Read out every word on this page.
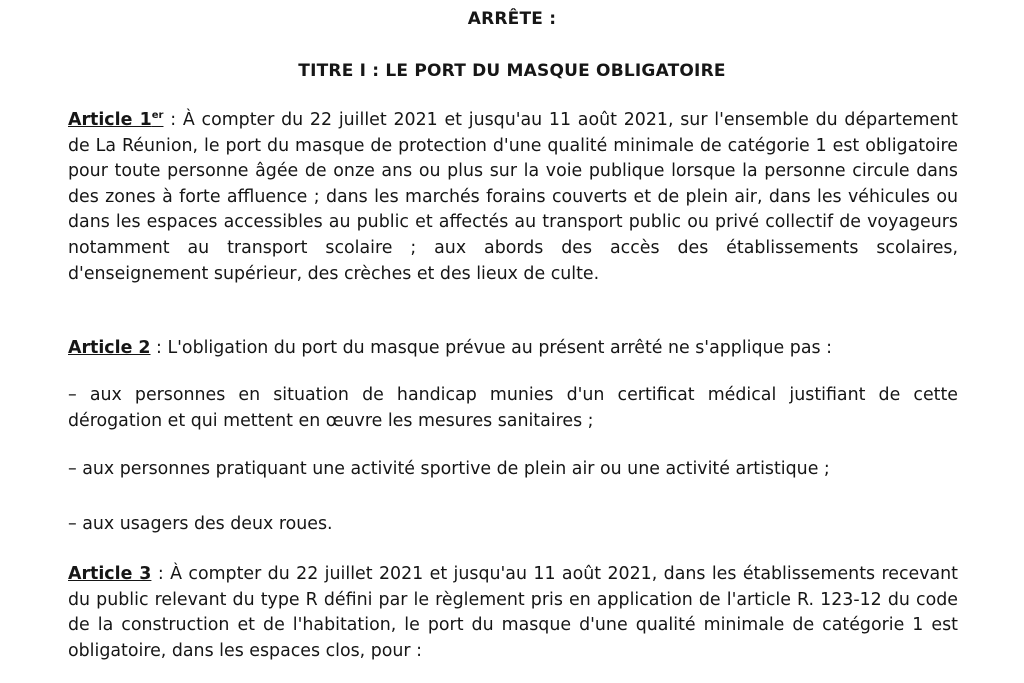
ARRÊTE :
TITRE I : LE PORT DU MASQUE OBLIGATOIRE
Article 1er : À compter du 22 juillet 2021 et jusqu'au 11 août 2021, sur l'ensemble du département de La Réunion, le port du masque de protection d'une qualité minimale de catégorie 1 est obligatoire pour toute personne âgée de onze ans ou plus sur la voie publique lorsque la personne circule dans des zones à forte affluence ; dans les marchés forains couverts et de plein air, dans les véhicules ou dans les espaces accessibles au public et affectés au transport public ou privé collectif de voyageurs notamment au transport scolaire ; aux abords des accès des établissements scolaires, d'enseignement supérieur, des crèches et des lieux de culte.
Article 2 : L'obligation du port du masque prévue au présent arrêté ne s'applique pas :
– aux personnes en situation de handicap munies d'un certificat médical justifiant de cette dérogation et qui mettent en œuvre les mesures sanitaires ;
– aux personnes pratiquant une activité sportive de plein air ou une activité artistique ;
– aux usagers des deux roues.
Article 3 : À compter du 22 juillet 2021 et jusqu'au 11 août 2021, dans les établissements recevant du public relevant du type R défini par le règlement pris en application de l'article R. 123-12 du code de la construction et de l'habitation, le port du masque d'une qualité minimale de catégorie 1 est obligatoire, dans les espaces clos, pour :
